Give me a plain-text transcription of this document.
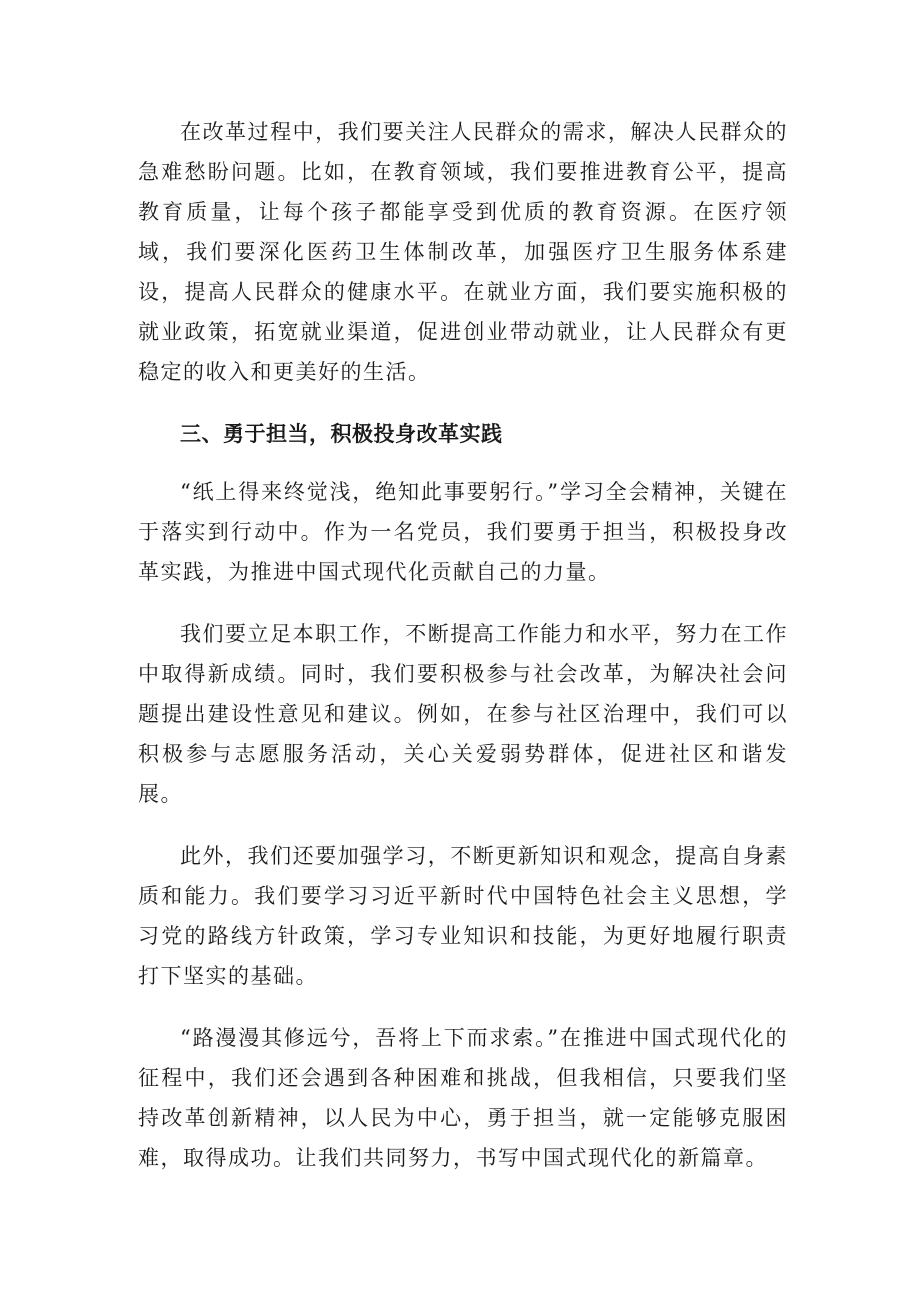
在改革过程中，我们要关注人民群众的需求，解决人民群众的急难愁盼问题。比如，在教育领域，我们要推进教育公平，提高教育质量，让每个孩子都能享受到优质的教育资源。在医疗领域，我们要深化医药卫生体制改革，加强医疗卫生服务体系建设，提高人民群众的健康水平。在就业方面，我们要实施积极的就业政策，拓宽就业渠道，促进创业带动就业，让人民群众有更稳定的收入和更美好的生活。

三、勇于担当，积极投身改革实践

“纸上得来终觉浅，绝知此事要躬行。”学习全会精神，关键在于落实到行动中。作为一名党员，我们要勇于担当，积极投身改革实践，为推进中国式现代化贡献自己的力量。

我们要立足本职工作，不断提高工作能力和水平，努力在工作中取得新成绩。同时，我们要积极参与社会改革，为解决社会问题提出建设性意见和建议。例如，在参与社区治理中，我们可以积极参与志愿服务活动，关心关爱弱势群体，促进社区和谐发展。

此外，我们还要加强学习，不断更新知识和观念，提高自身素质和能力。我们要学习习近平新时代中国特色社会主义思想，学习党的路线方针政策，学习专业知识和技能，为更好地履行职责打下坚实的基础。

“路漫漫其修远兮，吾将上下而求索。”在推进中国式现代化的征程中，我们还会遇到各种困难和挑战，但我相信，只要我们坚持改革创新精神，以人民为中心，勇于担当，就一定能够克服困难，取得成功。让我们共同努力，书写中国式现代化的新篇章。
